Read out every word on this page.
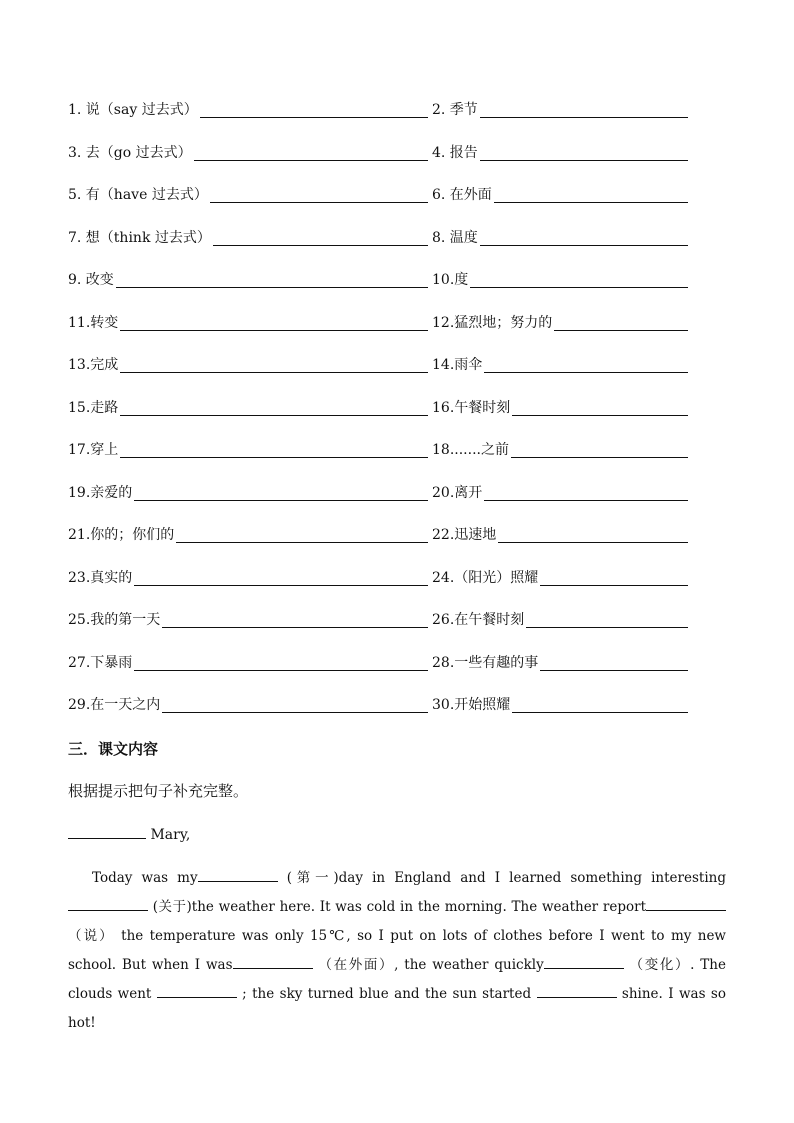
1. 说（say 过去式）	2. 季节
3. 去（go 过去式）	4. 报告
5. 有（have 过去式）	6. 在外面
7. 想（think 过去式）	8. 温度
9. 改变	10.度
11.转变	12.猛烈地；努力的
13.完成	14.雨伞
15.走路	16.午餐时刻
17.穿上	18.......之前
19.亲爱的	20.离开
21.你的；你们的	22.迅速地
23.真实的	24.（阳光）照耀
25.我的第一天	26.在午餐时刻
27.下暴雨	28.一些有趣的事
29.在一天之内	30.开始照耀
三．课文内容
根据提示把句子补充完整。
Mary,
Today was my	(第一)day in England and I learned something interesting  (关于)the weather here. It was cold in the morning. The weather report （说） the temperature was only 15℃, so I put on lots of clothes before I went to my new school. But when I was	（在外面）, the weather quickly	（变化）. The clouds went	; the sky turned blue and the sun started	shine. I was so hot!
